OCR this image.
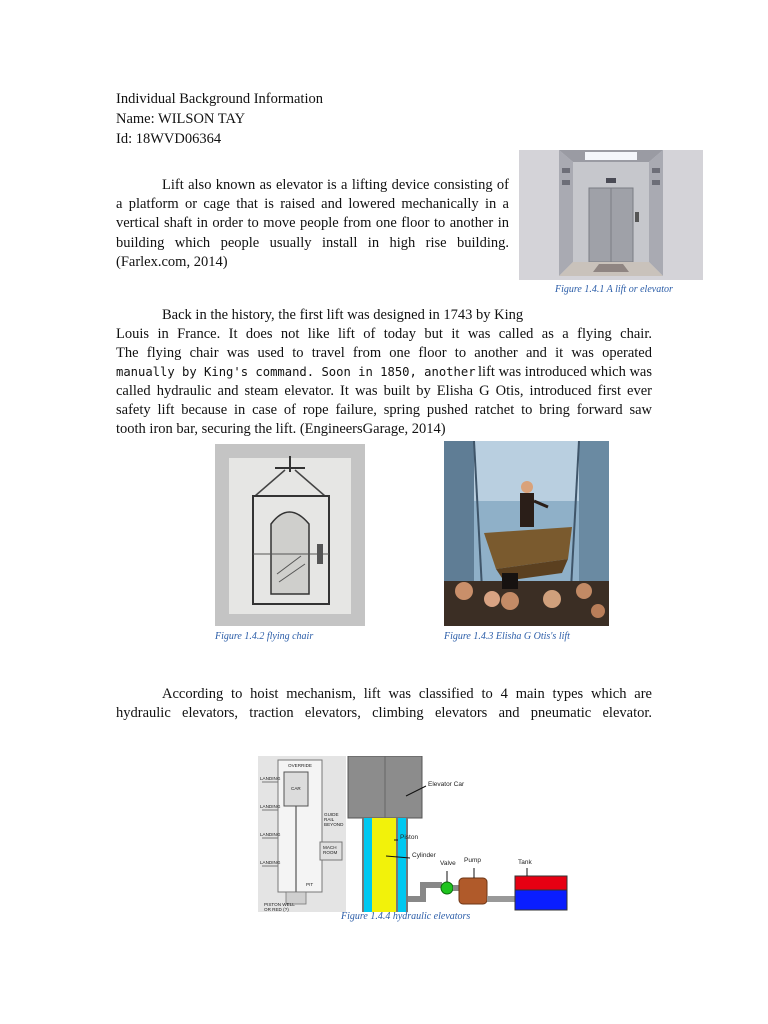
Individual Background Information
Name: WILSON TAY
Id: 18WVD06364
Lift also known as elevator is a lifting device consisting of a platform or cage that is raised and lowered mechanically in a vertical shaft in order to move people from one floor to another in building which people usually install in high rise building. (Farlex.com, 2014)
Figure 1.4.1 A lift or elevator
Back in the history, the first lift was designed in 1743 by King
Louis in France. It does not like lift of today but it was called as a flying chair.
The flying chair was used to travel from one floor to another and it was operated
manually by King's command. Soon in 1850, another lift was introduced which was
called hydraulic and steam elevator. It was built by Elisha G Otis, introduced first ever
safety lift because in case of rope failure, spring pushed ratchet to bring forward saw
tooth iron bar, securing the lift. (EngineersGarage, 2014)
Figure 1.4.2 flying chair	Figure 1.4.3 Elisha G Otis's lift
According to hoist mechanism, lift was classified to 4 main types which are
hydraulic elevators, traction elevators, climbing elevators and pneumatic elevator.
LANDING
LANDING
LANDING
LANDING
OVERRIDE
CAR
GUIDE
RAIL
BEYOND
MACH
ROOM
PIT
PISTON WELL
OR RED (?)
Elevator Car
Piston
Cylinder
Valve Pump	Tank
Figure 1.4.4 hydraulic elevators
